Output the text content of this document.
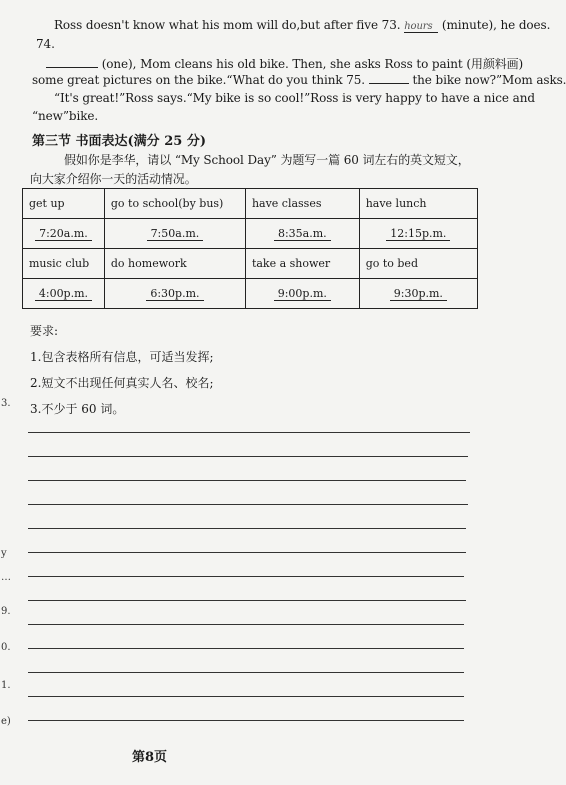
Ross doesn't know what his mom will do,but after five 73. hours (minute), he does.
74.
(one), Mom cleans his old bike. Then, she asks Ross to paint (用颜料画)
some great pictures on the bike.“What do you think 75.	the bike now?”Mom asks.
“It's great!”Ross says.“My bike is so cool!”Ross is very happy to have a nice and
“new”bike.
第三节 书面表达(满分 25 分)
假如你是李华，请以 “My School Day” 为题写一篇 60 词左右的英文短文，
向大家介绍你一天的活动情况。
get up	go to school(by bus)	have classes	have lunch
7:20a.m.	7:50a.m.	8:35a.m.	12:15p.m.
music club	do homework	take a shower	go to bed
4:00p.m.	6:30p.m.	9:00p.m.	9:30p.m.
要求:
1.包含表格所有信息，可适当发挥;
2.短文不出现任何真实人名、校名;
3.不少于 60 词。
3.
y
…
9.
0.
1.
e)
第8页
